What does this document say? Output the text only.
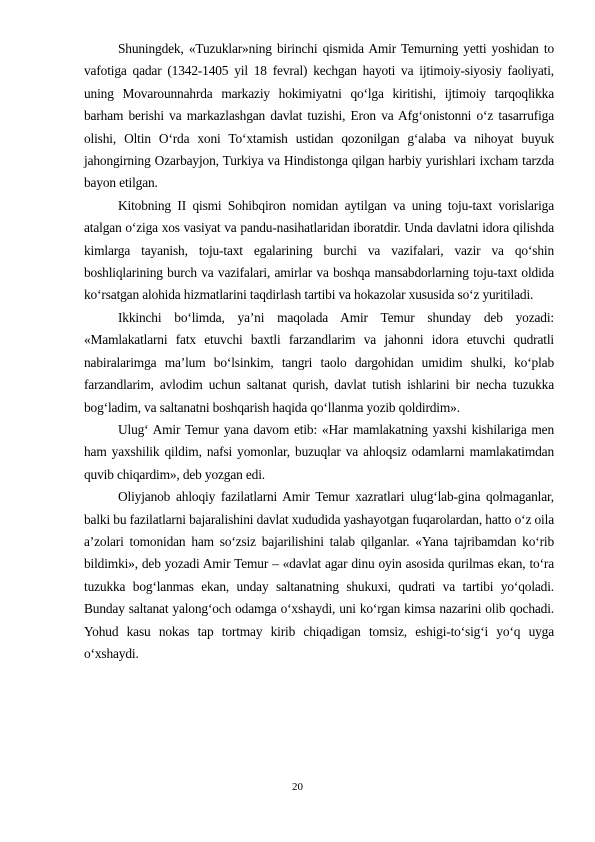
Shuningdek, «Tuzuklar»ning birinchi qismida Amir Temurning yetti yoshidan to vafotiga qadar (1342-1405 yil 18 fevral) kechgan hayoti va ijtimoiy-siyosiy faoliyati, uning Movarounnahrda markaziy hokimiyatni qo‘lga kiritishi, ijtimoiy tarqoqlikka barham berishi va markazlashgan davlat tuzishi, Eron va Afg‘onistonni o‘z tasarrufiga olishi, Oltin O‘rda xoni To‘xtamish ustidan qozonilgan g‘alaba va nihoyat buyuk jahongirning Ozarbayjon, Turkiya va Hindistonga qilgan harbiy yurishlari ixcham tarzda bayon etilgan.

Kitobning II qismi Sohibqiron nomidan aytilgan va uning toju-taxt vorislariga atalgan o‘ziga xos vasiyat va pandu-nasihatlaridan iboratdir. Unda davlatni idora qilishda kimlarga tayanish, toju-taxt egalarining burchi va vazifalari, vazir va qo‘shin boshliqlarining burch va vazifalari, amirlar va boshqa mansabdorlarning toju-taxt oldida ko‘rsatgan alohida hizmatlarini taqdirlash tartibi va hokazolar xususida so‘z yuritiladi.

Ikkinchi bo‘limda, ya’ni maqolada Amir Temur shunday deb yozadi: «Mamlakatlarni fatx etuvchi baxtli farzandlarim va jahonni idora etuvchi qudratli nabiralarimga ma’lum bo‘lsinkim, tangri taolo dargohidan umidim shulki, ko‘plab farzandlarim, avlodim uchun saltanat qurish, davlat tutish ishlarini bir necha tuzukka bog‘ladim, va saltanatni boshqarish haqida qo‘llanma yozib qoldirdim».

Ulug‘ Amir Temur yana davom etib: «Har mamlakatning yaxshi kishilariga men ham yaxshilik qildim, nafsi yomonlar, buzuqlar va ahloqsiz odamlarni mamlakatimdan quvib chiqardim», deb yozgan edi.

Oliyjanob ahloqiy fazilatlarni Amir Temur xazratlari ulug‘lab-gina qolmaganlar, balki bu fazilatlarni bajaralishini davlat xududida yashayotgan fuqarolardan, hatto o‘z oila a’zolari tomonidan ham so‘zsiz bajarilishini talab qilganlar. «Yana tajribamdan ko‘rib bildimki», deb yozadi Amir Temur – «davlat agar dinu oyin asosida qurilmas ekan, to‘ra tuzukka bog‘lanmas ekan, unday saltanatning shukuxi, qudrati va tartibi yo‘qoladi. Bunday saltanat yalong‘och odamga o‘xshaydi, uni ko‘rgan kimsa nazarini olib qochadi. Yohud kasu nokas tap tortmay kirib chiqadigan tomsiz, eshigi-to‘sig‘i yo‘q uyga o‘xshaydi.

20
